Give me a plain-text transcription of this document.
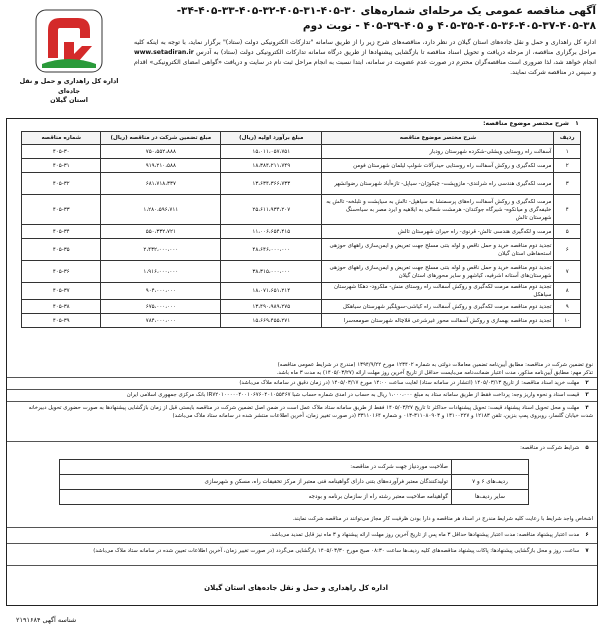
اداره کل راهداری و حمل و نقل جاده‌ای
استان گیلان
آگهی مناقصه عمومی یک مرحله‌ای شماره‌های ۳۰-۴۰۵-۳۱-۴۰۵-۳۲-۴۰۵-۳۳-۴۰۵-۳۴-
۴۰۵-۳۵-۴۰۵-۳۶-۴۰۵-۳۷-۴۰۵-۳۸ و ۴۰۵-۳۹-۴۰۵ - نوبت دوم
اداره کل راهداری و حمل و نقل جاده‌های استان گیلان در نظر دارد، مناقصه‌های شرح زیر را از طریق سامانه "تدارکات الکترونیکی دولت (ستاد)" برگزار نماید، با توجه به اینکه کلیه مراحل برگزاری مناقصه، از مرحله دریافت و تحویل اسناد مناقصه تا بازگشایی پیشنهادها از طریق درگاه سامانه تدارکات الکترونیکی دولت (ستاد) به آدرس www.setadiran.ir انجام خواهد شد، لذا ضروری است مناقصه‌گران محترم در صورت عدم عضویت در سامانه، ابتدا نسبت به انجام مراحل ثبت نام در سایت و دریافت «گواهی امضای الکترونیکی» اقدام و سپس در مناقصه شرکت نمایند.
۱ شرح مختصر موضوع مناقصه:
ردیف	شرح مختصر موضوع مناقصه	مبلغ برآورد اولیه (ریال)	مبلغ تضمین شرکت در مناقصه (ریال)	شماره مناقصه
۱	آسفالت راه روستایی ویشلی-شکرده شهرستان رودبار	۱۵،۰۱۱،۰۵۷،۷۵۱	۷۵۰،۵۵۲،۸۸۸	۴۰۵-۳۰
۲	مرمت لکه‌گیری و روکش آسفالت راه روستایی حیدرآلات شولپ لیلمان شهرستان فومن	۱۸،۳۸۴،۲۱۱،۷۴۹	۹۱۹،۲۱۰،۵۸۸	۴۰۵-۳۱
۳	مرمت لکه‌گیری هندسی راه شرلندی- مازوپشت- چیکوژان- سیاپل- تازه‌آباد شهرستان رضوانشهر	۱۳،۶۳۴،۳۶۶،۷۳۳	۶۸۱،۷۱۸،۳۳۷	۴۰۵-۳۲
۴	مرمت لکه‌گیری و روکش آسفالت راه‌های پرسمنشا به سیاهپل- تالش به سیاپشت و نلبلخه- تالش به خلیفه‌گری و میانکوه- شیرگاه جوکندان- هرمشت شمالی به ایلاهیه و ایرد مصر به سیاه‌سنگ شهرستان تالش	۲۵،۶۱۱،۹۳۴،۲۰۷	۱،۲۸۰،۵۹۶،۷۱۱	۴۰۵-۳۳
۵	مرمت و لکه‌گیری هندسی تالش- قرنوی- راه حیران شهرستان تالش	۱۱،۰۰۶،۶۵۴،۴۱۵	۵۵۰،۳۳۲،۷۲۱	۴۰۵-۳۴
۶	تجدید دوم مناقصه خرید و حمل ناقص و لوله بتنی مسلح جهت تعریض و ایمن‌سازی راههای حوزهی استحفاظی استان گیلان	۴۸،۶۴۶،۰۰۰،۰۰۰	۲،۴۳۲،۰۰۰،۰۰۰	۴۰۵-۳۵
۷	تجدید دوم مناقصه خرید و حمل ناقص و لوله بتنی مسلح جهت تعریض و ایمن‌سازی راههای حوزهی شهرستان‌های آستانه اشرفیه، کیاشهر و سایر محورهای استان گیلان	۳۸،۳۱۵،۰۰۰،۰۰۰	۱،۹۱۶،۰۰۰،۰۰۰	۴۰۵-۳۶
۸	تجدید دوم مناقصه مرمت لکه‌گیری و روکش آسفالت راه روستای منش- ملکرود- دهکا شهرستان سیاهکل	۱۸،۰۷۱،۶۵۱،۲۱۴	۹۰۴،۰۰۰،۰۰۰	۴۰۵-۳۷
۹	تجدید دوم مناقصه مرمت لکه‌گیری و روکش آسفالت راه کیاشی-سوپلگیر شهرستان سیاهکل	۱۳،۴۹۰،۹۸۹،۲۷۵	۶۷۵،۰۰۰،۰۰۰	۴۰۵-۳۸
۱۰	تجدید دوم مناقصه بهسازی و روکش آسفالت محور غیرشرعی قلاچاله شهرستان صومعه‌سرا	۱۵،۶۶۹،۴۵۵،۲۷۱	۷۸۴،۰۰۰،۰۰۰	۴۰۵-۳۹
نوع تضمین شرکت در مناقصه: مطابق آیین‌نامه تضمین معاملات دولتی به شماره ۱۲۳۴۰۲ مورخ ۱۳۹۴/۹/۲۲ (مندرج در شرایط عمومی مناقصه)
تذکر مهم: مطابق آیین‌نامه مذکور، مدت اعتبار ضمانت‌نامه می‌بایست حداقل از تاریخ آخرین روز مهلت ارائه (۱۴۰۵/۰۳/۲۷) به مدت ۳ ماه باشد.
۲ مهلت خرید اسناد مناقصه: از تاریخ ۱۴۰۵/۰۳/۱۳ (انتشار در سامانه ستاد) لغایت ساعت ۱۴:۰۰ مورخ ۱۴۰۵/۰۳/۱۷ (در زمان دقیق در سامانه ملاک می‌باشد)
۳ قیمت اسناد و نحوه واریز وجه: پرداخت فقط از طریق سامانه ستاد به مبلغ ۱،۰۰۰،۰۰۰ ریال به حساب در امدی شماره حساب شبا IR۷۲۰۱۰۰۰۰۰۴۰۰۱۰۶۷۶۰۴۰۱۰۵۵۴۶۷ بانک مرکزی جمهوری اسلامی ایران
۴ مهلت و محل تحویل اسناد پیشنهاد قیمت: تحویل پیشنهادات حداکثر تا تاریخ ۱۴۰۵/۰۳/۲۷ فقط از طریق سامانه ستاد ملاک عمل است در ضمن اصل تضمین شرکت در مناقصه بایستی قبل از زمان بازگشایی پیشنهادها به صورت حضوری تحویل دبیرخانه شدت خیابان گلسار، روبروی پمپ بنزین، تلفن ۱۲۱۸۳ و ۱۳۱۰۰۲۲۷ و ۳۱۱۰۸۰۹۰۳-۰۱۳ و شماره ۳۳۱۱۰۱۶۴ (در صورت تغییر زمان، آخرین اطلاعات منتشر شده در سامانه ستاد ملاک می‌باشد)
۵ شرایط شرکت در مناقصه:
	صلاحیت موردنیاز جهت شرکت در مناقصه:
ردیف‌های ۶ و ۷	تولیدکنندگان معتبر فرآورده‌های بتنی دارای گواهینامه فنی معتبر از مرکز تحقیقات راه، مسکن و شهرسازی
سایر ردیف‌ها	گواهینامه صلاحیت معتبر رشته راه از سازمان برنامه و بودجه
اشخاص واجد شرایط با رعایت کلیه شرایط مندرج در اسناد هر مناقصه و دارا بودن ظرفیت کار مجاز می‌توانند در مناقصه شرکت نمایند.
۶ مدت اعتبار پیشنهاد مناقصه: مدت اعتبار پیشنهادها حداقل ۳ ماه پس از تاریخ آخرین روز مهلت ارائه پیشنهاد و ۳ ماه نیز قابل تمدید می‌باشد.
۷ ساعت، روز و محل بازگشایی پیشنهادها: پاکات پیشنهاد مناقصه‌های کلیه ردیف‌ها ساعت ۰۸:۳۰ صبح مورخ ۱۴۰۵/۰۳/۳۰ بازگشایی می‌گردد (در صورت تغییر زمان، آخرین اطلاعات تعیین شده در سامانه ستاد ملاک می‌باشد)
اداره کل راهداری و حمل و نقل جاده‌های استان گیلان
شناسه آگهی ۲۱۹۱۶۸۴
